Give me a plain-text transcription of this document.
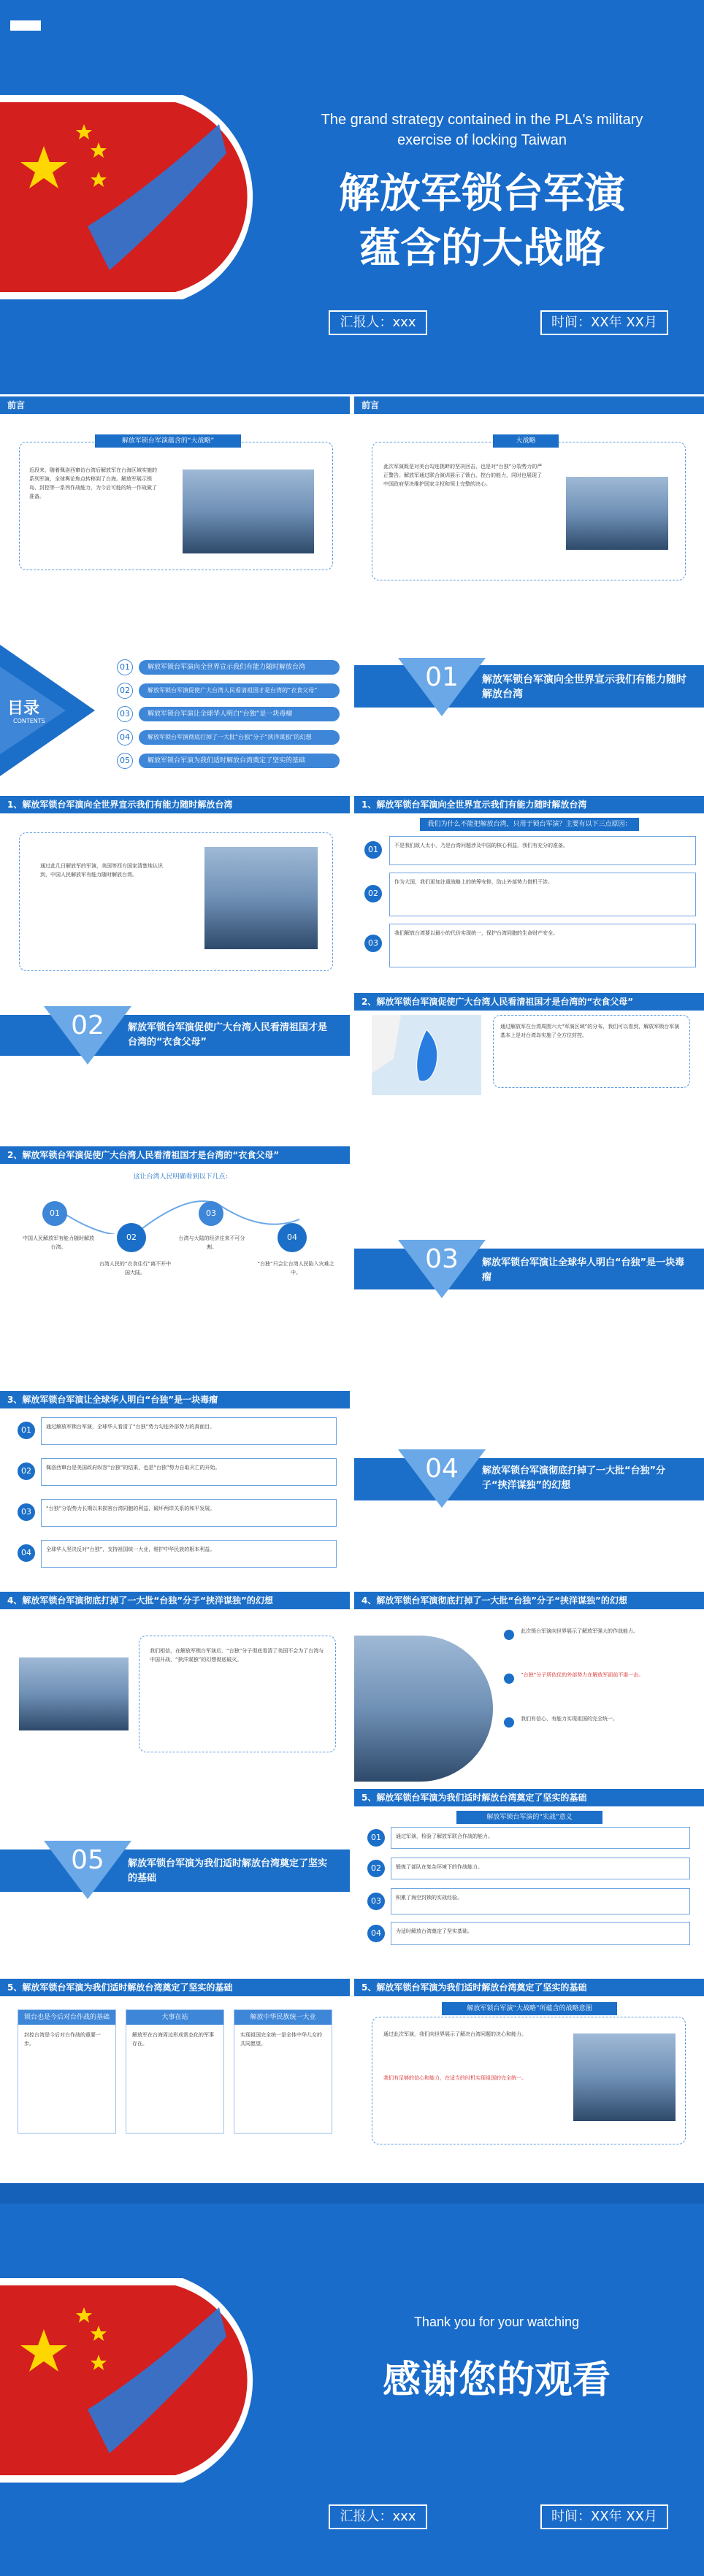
The grand strategy contained in the PLA's military exercise of locking Taiwan
解放军锁台军演
蕴含的大战略
汇报人：xxx	时间：XX年 XX月
前言
解放军锁台军演蕴含的“大战略”
近段来，随着佩洛西窜访台湾后解放军在台海区域实施的系列军演，全球舆论焦点转移到了台海。解放军展示锁岛、封控等一系列作战能力，为今后可能的统一作战做了准备。
前言
大战略
此次军演既是对美台勾连挑衅的坚决回击，也是对“台独”分裂势力的严正警告。解放军通过联合演训展示了锁台、控台的能力，同时也展现了中国政府坚决维护国家主权和领土完整的决心。
目录
CONTENTS
01	解放军锁台军演向全世界宣示我们有能力随时解放台湾
02	解放军锁台军演促使广大台湾人民看清祖国才是台湾的“衣食父母”
03	解放军锁台军演让全球华人明白“台独”是一块毒瘤
04	解放军锁台军演彻底打掉了一大批“台独”分子“挟洋谋独”的幻想
05	解放军锁台军演为我们适时解放台湾奠定了坚实的基础
01	解放军锁台军演向全世界宣示我们有能力随时解放台湾
1、解放军锁台军演向全世界宣示我们有能力随时解放台湾
通过此几日解放军的军演，美国等西方国家清楚地认识到，中国人民解放军有能力随时解放台湾。
1、解放军锁台军演向全世界宣示我们有能力随时解放台湾
我们为什么不能把解放台湾，只用于锁台军演？主要有以下三点原因：
01	不是我们敌人太小，乃是台湾问题涉及中国的核心利益，我们有充分的准备。
02
作为大国，我们更加注重战略上的统筹安排，防止外部势力借机干涉。
03
我们解放台湾要以最小的代价实现统一，保护台湾同胞的生命财产安全。
02	解放军锁台军演促使广大台湾人民看清祖国才是台湾的“衣食父母”
2、解放军锁台军演促使广大台湾人民看清祖国才是台湾的“衣食父母”
通过解放军在台湾周围六大“军演区域”的分布，我们可以看到，解放军锁台军演基本上是对台湾岛实施了全方位封控。
2、解放军锁台军演促使广大台湾人民看清祖国才是台湾的“衣食父母”
这让台湾人民明确看到以下几点：
01
中国人民解放军有能力随时解放台湾。
02
台湾人民的“衣食住行”离不开中国大陆。
03
台湾与大陆的经济往来不可分割。
04
“台独”只会让台湾人民陷入灾难之中。	03	解放军锁台军演让全球华人明白“台独”是一块毒瘤
3、解放军锁台军演让全球华人明白“台独”是一块毒瘤
01	通过解放军锁台军演，全球华人看清了“台独”势力勾连外部势力的真面目。
02	佩洛西窜台是美国政府纵容“台独”的结果，也是“台独”势力自取灭亡的开始。
03	“台独”分裂势力长期以来损害台湾同胞的利益，破坏两岸关系的和平发展。
04	全球华人坚决反对“台独”，支持祖国统一大业，维护中华民族的根本利益。
04	解放军锁台军演彻底打掉了一大批“台独”分子“挟洋谋独”的幻想
4、解放军锁台军演彻底打掉了一大批“台独”分子“挟洋谋独”的幻想
我们相信，在解放军锁台军演后，“台独”分子彻底看清了美国不会为了台湾与中国开战，“挟洋谋独”的幻想彻底破灭。
4、解放军锁台军演彻底打掉了一大批“台独”分子“挟洋谋独”的幻想
此次锁台军演向世界展示了解放军强大的作战能力。
“台独”分子所依仗的外部势力在解放军面前不堪一击。
我们有信心、有能力实现祖国的完全统一。
05	解放军锁台军演为我们适时解放台湾奠定了坚实的基础
5、解放军锁台军演为我们适时解放台湾奠定了坚实的基础
解放军锁台军演的“实战”意义
01	通过军演，检验了解放军联合作战的能力。
02	锻炼了部队在复杂环境下的作战能力。
03	积累了海空封锁的实战经验。
04	为适时解放台湾奠定了坚实基础。
5、解放军锁台军演为我们适时解放台湾奠定了坚实的基础
锁台也是今后对台作战的基础
封控台湾是今后对台作战的重要一步。
大事在站
解放军在台海周边形成常态化的军事存在。
解放中华民族统一大业
实现祖国完全统一是全体中华儿女的共同愿望。
5、解放军锁台军演为我们适时解放台湾奠定了坚实的基础
解放军锁台军演“大战略”所蕴含的战略意图
通过此次军演，我们向世界展示了解决台湾问题的决心和能力。
我们有足够的信心和能力，在适当的时机实现祖国的完全统一。
Thank you for your watching
感谢您的观看
汇报人：xxx	时间：XX年 XX月
